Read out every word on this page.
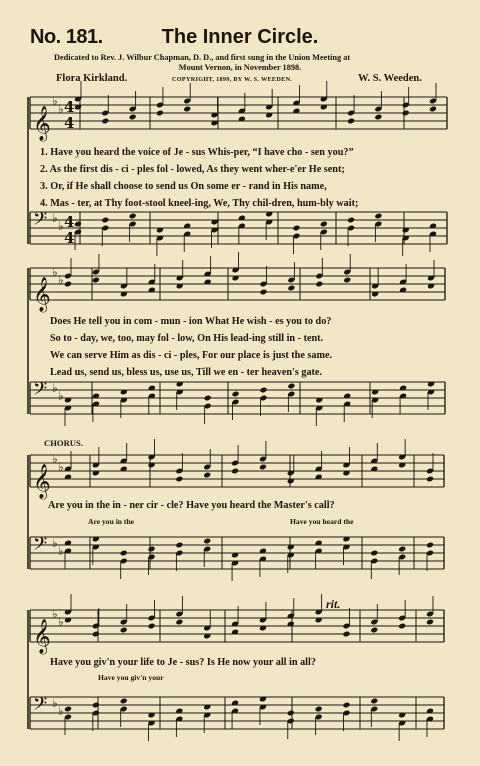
No. 181.	The Inner Circle.
Dedicated to Rev. J. Wilbur Chapman, D. D., and first sung in the Union Meeting at
Mount Vernon, in November 1898.
Flora Kirkland.	COPYRIGHT, 1899, BY W. S. WEEDEN.	W. S. Weeden.
𝄞
♭
♭
𝄢 ♭
♭
𝄞
♭
♭
𝄢 ♭
♭
𝄞
♭
♭
𝄢 ♭
♭
𝄞
♭
♭
𝄢 ♭
♭
4
4
4
4
1. Have you heard the voice of Je - sus Whis-per, “I have cho - sen you?”
2. As the first dis - ci - ples fol - lowed, As they went wher-e'er He sent;
3. Or, if He shall choose to send us On some er - rand in His name,
4. Mas - ter, at Thy foot-stool kneel-ing, We, Thy chil-dren, hum-bly wait;
Does He tell you in com - mun - ion What He wish - es you to do?
So to - day, we, too, may fol - low, On His lead-ing still in - tent.
We can serve Him as dis - ci - ples, For our place is just the same.
Lead us, send us, bless us, use us, Till we en - ter heaven's gate.
CHORUS.
Are you in the in - ner cir - cle? Have you heard the Master's call?
Are you in the	Have you heard the
rit.
Have you giv'n your life to Je - sus? Is He now your all in all?
Have you giv'n your
